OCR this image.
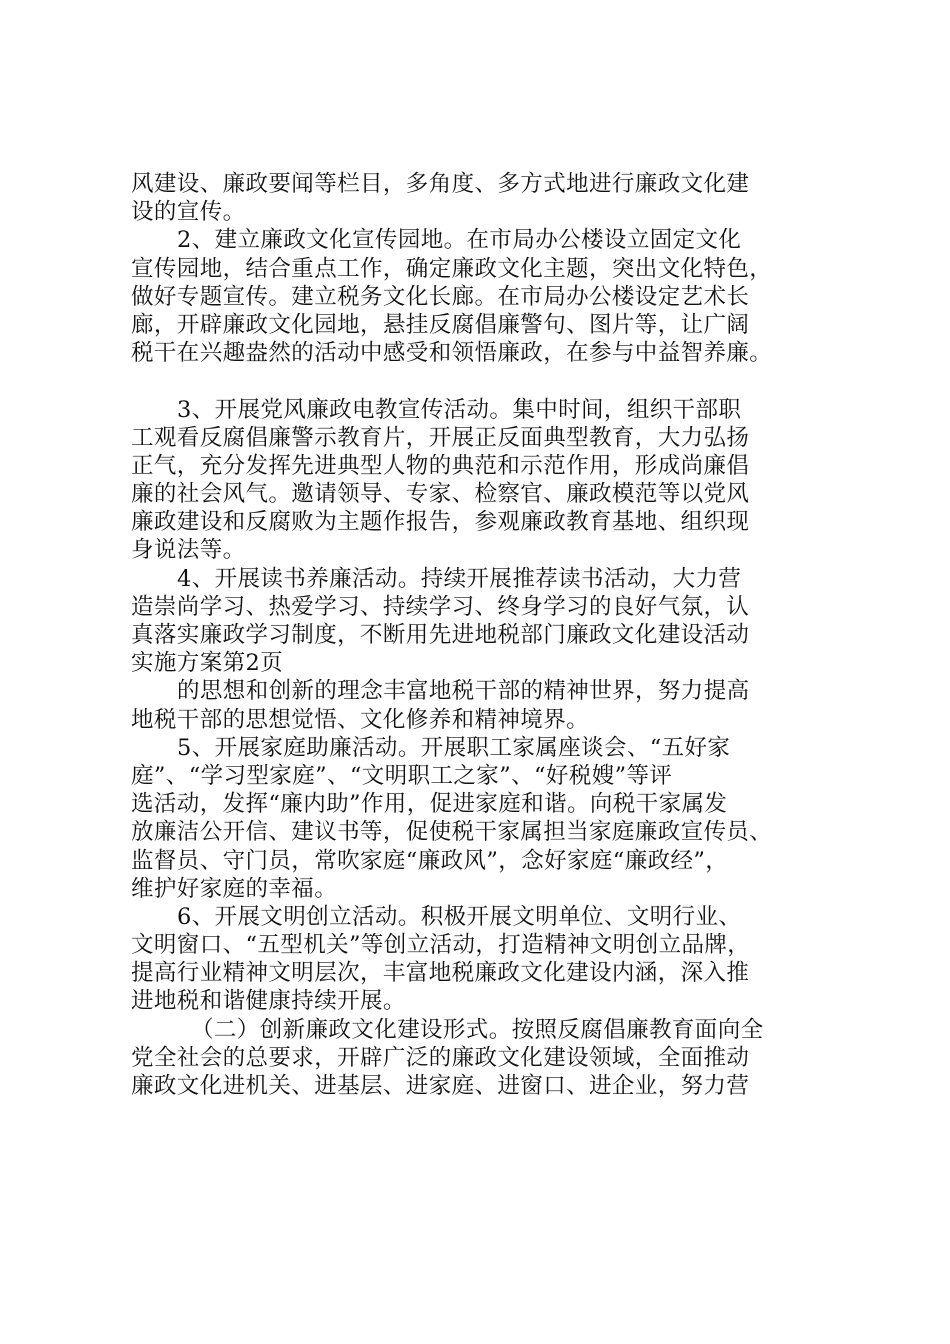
风建设、廉政要闻等栏目，多角度、多方式地进行廉政文化建
设的宣传。
2、建立廉政文化宣传园地。在市局办公楼设立固定文化
宣传园地，结合重点工作，确定廉政文化主题，突出文化特色，
做好专题宣传。建立税务文化长廊。在市局办公楼设定艺术长
廊，开辟廉政文化园地，悬挂反腐倡廉警句、图片等，让广阔
税干在兴趣盎然的活动中感受和领悟廉政，在参与中益智养廉。
3、开展党风廉政电教宣传活动。集中时间，组织干部职
工观看反腐倡廉警示教育片，开展正反面典型教育，大力弘扬
正气，充分发挥先进典型人物的典范和示范作用，形成尚廉倡
廉的社会风气。邀请领导、专家、检察官、廉政模范等以党风
廉政建设和反腐败为主题作报告，参观廉政教育基地、组织现
身说法等。
4、开展读书养廉活动。持续开展推荐读书活动，大力营
造崇尚学习、热爱学习、持续学习、终身学习的良好气氛，认
真落实廉政学习制度，不断用先进地税部门廉政文化建设活动
实施方案第2页
的思想和创新的理念丰富地税干部的精神世界，努力提高
地税干部的思想觉悟、文化修养和精神境界。
5、开展家庭助廉活动。开展职工家属座谈会、“五好家
庭”、“学习型家庭”、“文明职工之家”、“好税嫂”等评
选活动，发挥“廉内助”作用，促进家庭和谐。向税干家属发
放廉洁公开信、建议书等，促使税干家属担当家庭廉政宣传员、
监督员、守门员，常吹家庭“廉政风”，念好家庭“廉政经”，
维护好家庭的幸福。
6、开展文明创立活动。积极开展文明单位、文明行业、
文明窗口、“五型机关”等创立活动，打造精神文明创立品牌，
提高行业精神文明层次，丰富地税廉政文化建设内涵，深入推
进地税和谐健康持续开展。
（二）创新廉政文化建设形式。按照反腐倡廉教育面向全
党全社会的总要求，开辟广泛的廉政文化建设领域，全面推动
廉政文化进机关、进基层、进家庭、进窗口、进企业，努力营
